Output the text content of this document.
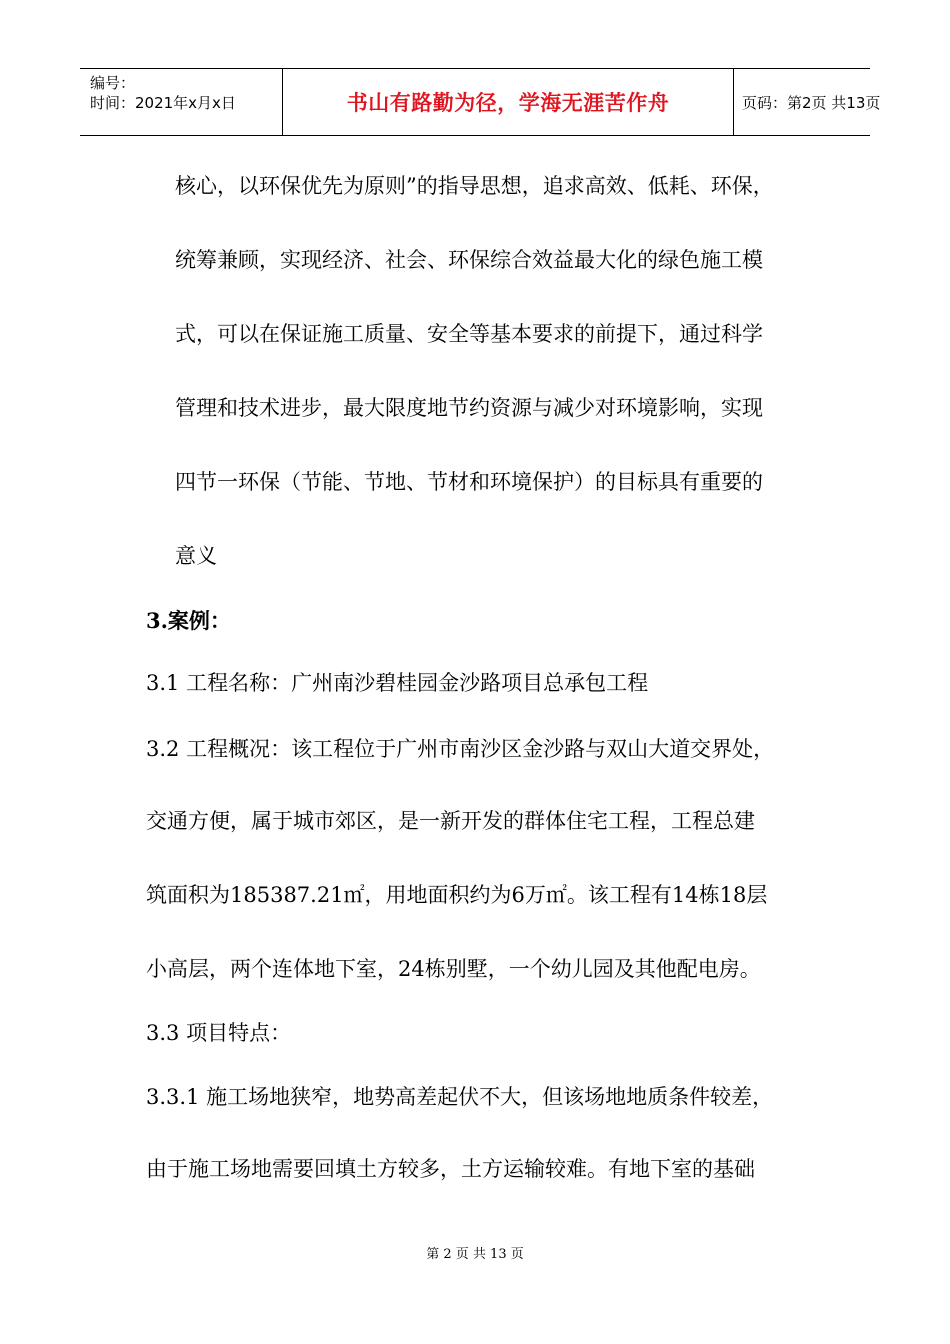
编号：
时间：2021年x月x日	书山有路勤为径，学海无涯苦作舟	页码：第2页 共13页
核心，以环保优先为原则”的指导思想，追求高效、低耗、环保，
统筹兼顾，实现经济、社会、环保综合效益最大化的绿色施工模
式，可以在保证施工质量、安全等基本要求的前提下，通过科学
管理和技术进步，最大限度地节约资源与减少对环境影响，实现
四节一环保（节能、节地、节材和环境保护）的目标具有重要的
意义
3.案例：
3.1 工程名称：广州南沙碧桂园金沙路项目总承包工程
3.2 工程概况：该工程位于广州市南沙区金沙路与双山大道交界处，
交通方便，属于城市郊区，是一新开发的群体住宅工程，工程总建
筑面积为185387.21㎡，用地面积约为6万㎡。该工程有14栋18层
小高层，两个连体地下室，24栋别墅，一个幼儿园及其他配电房。
3.3 项目特点：
3.3.1 施工场地狭窄，地势高差起伏不大，但该场地地质条件较差，
由于施工场地需要回填土方较多，土方运输较难。有地下室的基础
第 2 页 共 13 页
